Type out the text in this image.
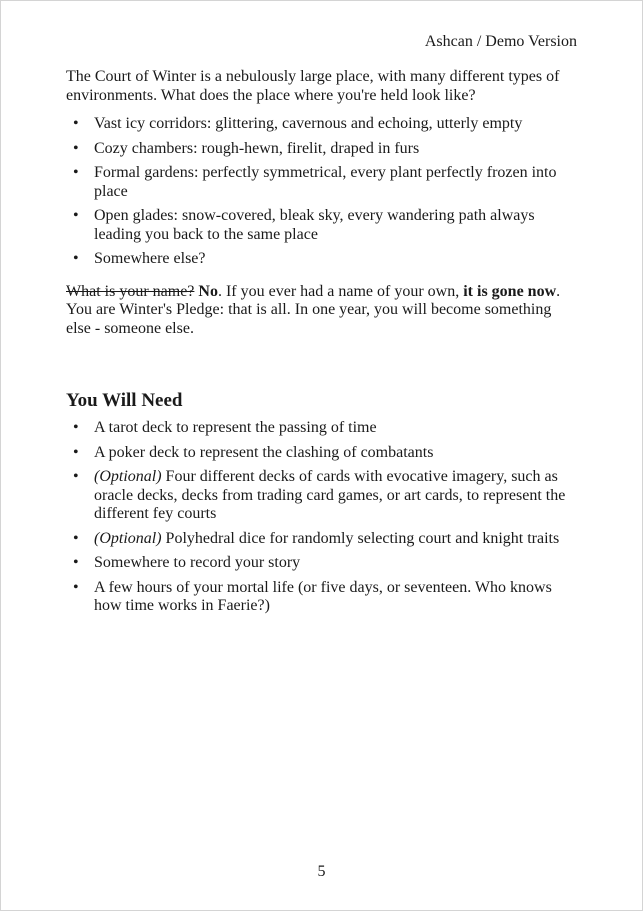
Ashcan / Demo Version

The Court of Winter is a nebulously large place, with many different types of environments. What does the place where you're held look like?

• Vast icy corridors: glittering, cavernous and echoing, utterly empty
• Cozy chambers: rough-hewn, firelit, draped in furs
• Formal gardens: perfectly symmetrical, every plant perfectly frozen into place
• Open glades: snow-covered, bleak sky, every wandering path always leading you back to the same place
• Somewhere else?

What is your name? No. If you ever had a name of your own, it is gone now. You are Winter's Pledge: that is all. In one year, you will become something else - someone else.

You Will Need
• A tarot deck to represent the passing of time
• A poker deck to represent the clashing of combatants
• (Optional) Four different decks of cards with evocative imagery, such as oracle decks, decks from trading card games, or art cards, to represent the different fey courts
• (Optional) Polyhedral dice for randomly selecting court and knight traits
• Somewhere to record your story
• A few hours of your mortal life (or five days, or seventeen. Who knows how time works in Faerie?)
5
